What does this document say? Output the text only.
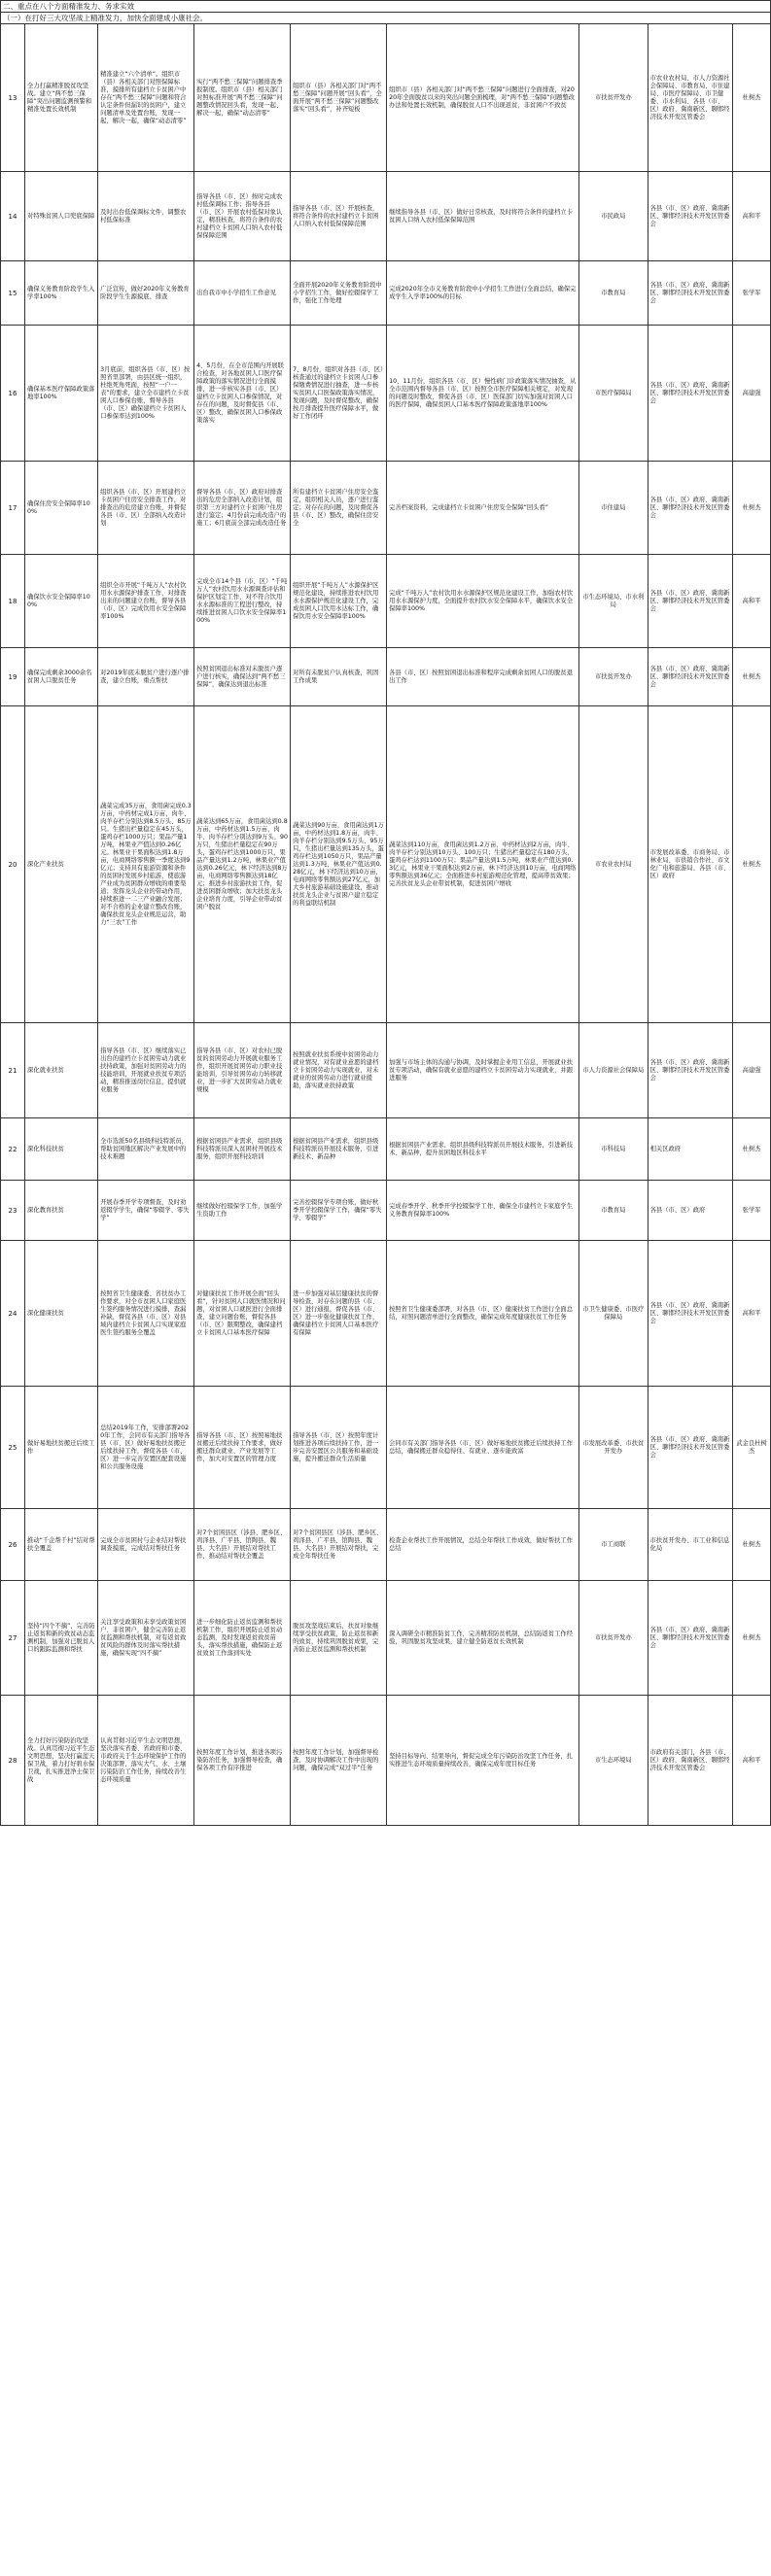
二、重点在八个方面精准发力、务求实效
（一）在打好三大攻坚战上精准发力，加快全面建成小康社会。
13	全力打赢精准脱贫攻坚战。建立“两不愁三保障”突出问题监测预警和精准处置长效机制	精准建立“六个清单”。组织市（县）各相关部门对照保障标准，摸排所有建档立卡贫困户中存在“两不愁三保障”问题和符合认定条件但漏识的贫困户，建立问题清单及处置台账，发现一起、解决一起，确保“动态清零”	实行“两不愁三保障”问题排查季报制度。组织市（县）相关部门对照标准开展“两不愁三保障”问题整改情况回头看，发现一起、解决一起，确保“动态清零”	组织市（县）各相关部门对“两不愁三保障”问题开展“回头看”，全面开展“两不愁三保障”问题整改落实“回头看”，补齐短板	组织市（县）各相关部门对“两不愁三保障”问题进行全面排查，对2020年全面脱贫以来的突出问题全面梳理，对“两不愁三保障”问题整改办法和处置长效机制，确保脱贫人口不出现返贫，非贫困户不致贫	市扶贫开发办	市农业农村局、市人力资源社会保障局、市教育局、市住建局、市医疗保障局、市卫健委、市水利局、各县（市、区）政府、冀南新区、聊邯经济技术开发区管委会	杜树杰
14	对特殊贫困人口兜底保障	及时出台低保调标文件，调整农村低保标准	指导各县（市、区）按时完成农村低保调标工作；指导各县（市、区）开展农村低保对象认定，精准核查，将符合条件的农村建档立卡贫困人口纳入农村低保保障范围	指导各县（市、区）开展核查，将符合条件的农村建档立卡贫困人口纳入农村低保保障范围	继续指导各县（市、区）做好日常核查，及时将符合条件的建档立卡贫困人口纳入农村低保保障范围	市民政局	各县（市、区）政府、冀南新区、聊邯经济技术开发区管委会	高和平
15	确保义务教育阶段学生入学率100%	广泛宣传，做好2020年义务教育阶段学生生源摸底、排查	出台我市中小学招生工作意见	全面开展2020年义务教育阶段中小学招生工作，做好控辍保学工作，强化工作处理	完成2020年全市义务教育阶段中小学招生工作进行全面总结，确保完成学生入学率100%的目标	市教育局	各县（市、区）政府、冀南新区、聊邯经济技术开发区管委会	张学军
16	确保基本医疗保障政策落地率100%	3月底前，组织各县（市、区）按照省里部署，由县区统一组织，杜绝死角死面，按照“一户一表”的要求，建立全市建档立卡贫困人口参保台账，督导各县（市、区）确保建档立卡贫困人口参保率达到100%	4、5月份，在全市范围内开展联合检查，对各地贫困人口医疗保障政策的落实情况进行全面摸排，进一步核实各县（市、区）建档立卡贫困人口参保情况，对存在的问题，及时督促县（市、区）整改，确保贫困人口参保政策落实	7、8月份，组织对各县（市、区）核查通过的建档立卡贫困人口参保缴费情况进行抽查，进一步核实贫困人口医保政策落实情况，发现问题，及时督促整改，确保按月排查提升医疗保障水平，做好工作闭环	10、11月份，组织各县（市、区）慢性病门诊政策落实情况抽查，从全市范围内督导各县（市、区）按照全市医疗保障相关规定，对发现的问题及时整改，督促各县（市、区）医保部门切实加强对贫困人口的医疗保障，确保贫困人口基本医疗保障政策落地率100%	市医疗保障局	各县（市、区）政府、冀南新区、聊邯经济技术开发区管委会	高建强
17	确保住房安全保障率100%	组织各县（市、区）开展建档立卡贫困户住房安全排查工作，对排查出的危房建立台账，并督促各县（市、区）全部纳入改造计划	督导各县（市、区）政府对排查出的危房全部纳入改造计划，组织第三方对建档立卡贫困户住房进行鉴定；4月份前完成改造户的施工；6月底前全部完成改造任务	所有建档立卡贫困户住房安全鉴定，组织相关人员，逐户进行鉴定；对存在的问题，及时督促各县（市、区）整改，确保住房安全	完善档案资料，完成建档立卡贫困户住房安全保障“回头看”	市住建局	各县（市、区）政府、冀南新区、聊邯经济技术开发区管委会	杜树杰
18	确保饮水安全保障率100%	组织全市开展“千吨万人”农村饮用水水源保护排查工作，对排查出来的问题建立台账，督导各县（市、区）完成饮用水安全保障率100%	完成全市14个县（市、区）“千吨万人”农村饮用水水源调查评估和保护区划定工作，对不符合饮用水水源标准的工程进行整改，持续推进贫困人口饮水安全保障率100%	组织开展“千吨万人”水源保护区规范化建设，持续推进农村饮用水水源保护规范化建设工作，完成贫困人口饮用水达标工作，确保饮用水安全保障率100%	完成“千吨万人”农村饮用水水源保护区规范化建设工作，加强农村饮用水水源保护力度，全面提升农村饮水安全保障水平，确保饮水安全保障率100%	市生态环境局、市水利局	各县（市、区）政府、冀南新区、聊邯经济技术开发区管委会	高和平
19	确保完成剩余3000余名贫困人口脱贫任务	对2019年底未脱贫户进行逐户排查，建立台账，重点帮扶	按照贫困退出标准对未脱贫户逐户进行核实，确保达到“两不愁三保障”，确保达到退出标准	对所有未脱贫户认真核查，巩固工作成果	各县（市、区）按照贫困退出标准和程序完成剩余贫困人口的脱贫退出工作	市扶贫开发办	各县（市、区）政府、冀南新区、聊邯经济技术开发区管委会	杜树杰
20	深化产业扶贫	蔬菜完成35万亩，食用菌完成0.3万亩，中药材完成1万亩，肉牛、肉羊存栏分别达到8.5万头、85万只。生猪出栏量稳定在45万头，蛋鸡存栏1000万只；果品产量1万吨，林果业产值达到0.26亿元。林果业干果面积达到1.8万亩，电商网络零售额一季度达到9亿元；支持具有旅游资源和条件的贫困村发展乡村旅游，使旅游产业成为贫困群众增收的重要渠道；发挥龙头企业的带动作用，持续推进一二三产业融合发展；对不合格的企业建立整改台账，确保扶贫龙头企业规范运营，助力“三农”工作	蔬菜达到65万亩，食用菌达到0.8万亩，中药材达到1.5万亩，肉牛、肉羊存栏分别达到9万头、90万只，生猪出栏量稳定在90万头，蛋鸡存栏达到1000万只，果品产量达到1.2万吨，林果业产值达到0.26亿元，林下经济达到8万亩，电商网络零售额达到18亿元；推进乡村旅游扶贫工作，促进贫困群众增收；加大扶贫龙头企业培育力度，引导企业带动贫困户脱贫	蔬菜达到90万亩，食用菌达到1万亩，中药材达到1.8万亩，肉牛、肉羊存栏分别达到9.5万头、95万只，生猪出栏量达到135万头，蛋鸡存栏达到1050万只，果品产量达到1.3万吨，林果业产值达到0.28亿元，林下经济达到10万亩，电商网络零售额达到27亿元，加大乡村旅游基础设施建设，推动扶贫龙头企业与贫困户建立稳定的利益联结机制	蔬菜达到110万亩，食用菌达到1.2万亩，中药材达到2万亩，肉牛、肉羊存栏分别达到10万头、100万只；生猪出栏量稳定在180万头，蛋鸡存栏达到1100万只；果品产量达到1.5万吨，林果业产值达到0.3亿元，林果业干果面积达到2万亩，林下经济达到10万亩，电商网络零售额达到36亿元；全面推进乡村旅游规范化管理，提高带贫效果；完善扶贫龙头企业带贫机制，促进贫困户增收	市农业农村局	市发展改革委、市商务局、市林业局、市供销合作社、市文化广电和旅游局、各县（市、区）政府	杜树杰
21	深化就业扶贫	指导各县（市、区）继续落实已出台的建档立卡贫困劳动力就业扶持政策，加强对贫困劳动力的技能培训，开展就业扶贫专项活动，精准推送岗位信息，提供就业服务	指导各县（市、区）对农村已脱贫的贫困劳动力开展就业服务工作，组织开展贫困劳动力职业技能培训，引导贫困劳动力转移就业，进一步扩大贫困劳动力就业规模	按照就业扶贫系统中贫困劳动力就业情况，对有就业意愿的建档立卡贫困劳动力实现就业，对未就业的贫困劳动力进行就业援助，落实就业扶持政策	加强与市场主体的沟通与协调，及时掌握企业用工信息，开展就业扶贫专项活动，确保有就业意愿的建档立卡贫困劳动力实现就业，并跟进服务	市人力资源社会保障局	各县（市、区）政府、冀南新区、聊邯经济技术开发区管委会	高建强
22	深化科技扶贫	全市选派50名县级科技特派员，帮助贫困地区解决产业发展中的技术难题	根据贫困县产业需求，组织县级科技特派员深入贫困村开展技术服务，组织开展科技培训	根据贫困县产业需求，组织县级科技特派员开展技术服务，引进新技术、新品种	根据贫困县产业需求，组织县级科技特派员开展技术服务，引进新技术、新品种，提升贫困地区科技水平	市科技局	相关区政府	杜树杰
23	深化教育扶贫	开展春季开学专项督查，及时劝返辍学学生，确保“零辍学、零失学”	继续做好控辍保学工作，加强学生资助工作	完善控辍保学专项台账，做好秋季开学控辍保学工作，确保“零失学、零辍学”	完成春季开学、秋季开学控辍保学工作，确保全市建档立卡家庭学生义务教育保障率100%	市教育局	各县（市、区）政府	张学军
24	深化健康扶贫	按照省卫生健康委、省扶贫办工作要求，对全市贫困人口家庭医生签约服务情况进行摸排，查漏补缺，督促各县（市、区）对县域内建档立卡贫困人口实现家庭医生签约服务全覆盖	对健康扶贫工作开展全面“回头看”，针对贫困人口就医情况和问题，对贫困人口就医进行全面排查，建立问题台账，督促各县（市、区）限期整改，确保建档立卡贫困人口基本医疗保障	进一步加强对基层健康扶贫的督导检查，对存在问题的县（市、区）进行通报，督促各县（市、区）进一步强化健康扶贫工作，确保建档立卡贫困人口基本医疗有保障	按照省卫生健康委部署，对各县（市、区）健康扶贫工作进行全面总结，对照问题清单进行全面整改，确保完成年度健康扶贫工作任务	市卫生健康委、市医疗保障局	各县（市、区）政府、冀南新区、聊邯经济技术开发区管委会	高和平
25	做好易地扶贫搬迁后续工作	总结2019年工作，安排部署2020年工作，会同市有关部门指导各县（市、区）做好易地扶贫搬迁后续扶持工作，督促各县（市、区）进一步完善安置区配套设施和公共服务设施	指导各县（市、区）按照易地扶贫搬迁后续扶持工作要求，做好搬迁群众就业、产业发展等工作，加大对安置区的管理力度	指导各县（市、区）按照年度计划推进各项后续扶持工作，进一步完善安置区公共服务和基础设施，提升搬迁群众生活质量	会同市有关部门指导各县（市、区）做好易地扶贫搬迁后续扶持工作总结，确保搬迁群众稳得住、有就业、逐步能致富	市发展改革委、市扶贫开发办	各县（市、区）政府、冀南新区、聊邯经济技术开发区管委会	武金良杜树杰
26	推动“千企帮千村”结对帮扶全覆盖	完成全市贫困村与企业结对帮扶调查摸底，完成结对帮扶任务	对7个贫困县区（涉县、肥乡区、鸡泽县、广平县、馆陶县、魏县、大名县）开展结对帮扶工作，推动结对帮扶全覆盖	对7个贫困县区（涉县、肥乡区、鸡泽县、广平县、馆陶县、魏县、大名县）开展结对帮扶，完成全年帮扶任务	检查企业帮扶工作开展情况，总结全年帮扶工作成效，做好帮扶工作总结	市工商联	市扶贫开发办、市工业和信息化局	杜树杰
27	坚持“四个不摘”，完善防止返贫和新的致贫动态监测机制，加强对已脱贫人口的跟踪监测和帮扶	关注享受政策和未享受政策贫困户、非贫困户，健全完善防止返贫监测和帮扶机制，对有返贫致贫风险的群体及时落实帮扶措施，确保实现“四不摘”	进一步细化防止返贫监测和帮扶机制工作，组织开展防止返贫动态监测，及时发现返贫致贫苗头，落实帮扶措施，确保防止返贫致贫工作落到实处	脱贫攻坚战结束后，扶贫对象继续享受扶贫政策，防止返贫和新的致贫，持续巩固脱贫成果，完善防止返贫监测和帮扶机制	深入调研全市精准防贫工作，完善精准防贫机制，总结防返贫工作经验，巩固脱贫攻坚成果，建立健全防返贫长效机制	市扶贫开发办	各县（市、区）政府、冀南新区、聊邯经济技术开发区管委会	杜树杰
28	全力打好污染防治攻坚战。认真贯彻习近平生态文明思想，坚决打赢蓝天保卫战，着力打好碧水保卫战，扎实推进净土保卫战	认真贯彻习近平生态文明思想，坚决落实省委、省政府和市委、市政府关于生态环境保护工作的决策部署，落实大气、水、土壤污染防治工作任务，持续改善生态环境质量	按照年度工作计划，推进各项污染防治任务，加强督导检查，确保各项工作有序推进	按照年度工作计划，加强督导检查，及时协调解决工作中出现的问题，确保完成“双过半”任务	坚持目标导向、结果导向，督促完成全年污染防治攻坚工作任务，扎实推进生态环境质量持续改善，确保完成年度目标任务	市生态环境局	市政府有关部门，各县（市、区）政府、冀南新区、聊邯经济技术开发区管委会	高和平
